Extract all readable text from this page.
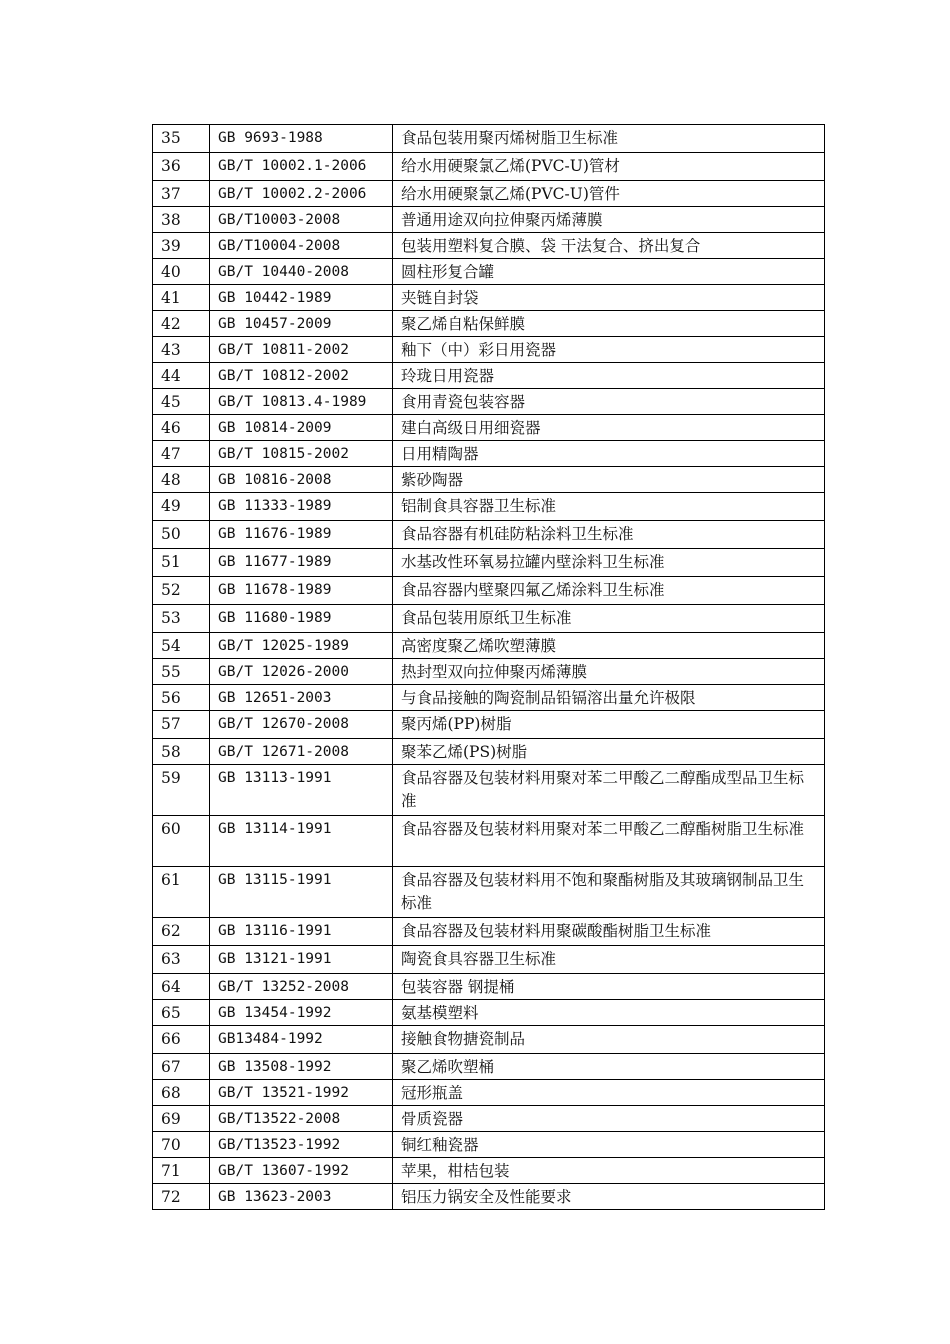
35	GB 9693-1988	食品包装用聚丙烯树脂卫生标准
36	GB/T 10002.1-2006	给水用硬聚氯乙烯(PVC-U)管材
37	GB/T 10002.2-2006	给水用硬聚氯乙烯(PVC-U)管件
38	GB/T10003-2008	普通用途双向拉伸聚丙烯薄膜
39	GB/T10004-2008	包装用塑料复合膜、袋 干法复合、挤出复合
40	GB/T 10440-2008	圆柱形复合罐
41	GB 10442-1989	夹链自封袋
42	GB 10457-2009	聚乙烯自粘保鲜膜
43	GB/T 10811-2002	釉下（中）彩日用瓷器
44	GB/T 10812-2002	玲珑日用瓷器
45	GB/T 10813.4-1989	食用青瓷包装容器
46	GB 10814-2009	建白高级日用细瓷器
47	GB/T 10815-2002	日用精陶器
48	GB 10816-2008	紫砂陶器
49	GB 11333-1989	铝制食具容器卫生标准
50	GB 11676-1989	食品容器有机硅防粘涂料卫生标准
51	GB 11677-1989	水基改性环氧易拉罐内壁涂料卫生标准
52	GB 11678-1989	食品容器内壁聚四氟乙烯涂料卫生标准
53	GB 11680-1989	食品包装用原纸卫生标准
54	GB/T 12025-1989	高密度聚乙烯吹塑薄膜
55	GB/T 12026-2000	热封型双向拉伸聚丙烯薄膜
56	GB 12651-2003	与食品接触的陶瓷制品铅镉溶出量允许极限
57	GB/T 12670-2008	聚丙烯(PP)树脂
58	GB/T 12671-2008	聚苯乙烯(PS)树脂
59	GB 13113-1991	食品容器及包装材料用聚对苯二甲酸乙二醇酯成型品卫生标准
60	GB 13114-1991	食品容器及包装材料用聚对苯二甲酸乙二醇酯树脂卫生标准
61	GB 13115-1991	食品容器及包装材料用不饱和聚酯树脂及其玻璃钢制品卫生标准
62	GB 13116-1991	食品容器及包装材料用聚碳酸酯树脂卫生标准
63	GB 13121-1991	陶瓷食具容器卫生标准
64	GB/T 13252-2008	包装容器 钢提桶
65	GB 13454-1992	氨基模塑料
66	GB13484-1992	接触食物搪瓷制品
67	GB 13508-1992	聚乙烯吹塑桶
68	GB/T 13521-1992	冠形瓶盖
69	GB/T13522-2008	骨质瓷器
70	GB/T13523-1992	铜红釉瓷器
71	GB/T 13607-1992	苹果，柑桔包装
72	GB 13623-2003	铝压力锅安全及性能要求
